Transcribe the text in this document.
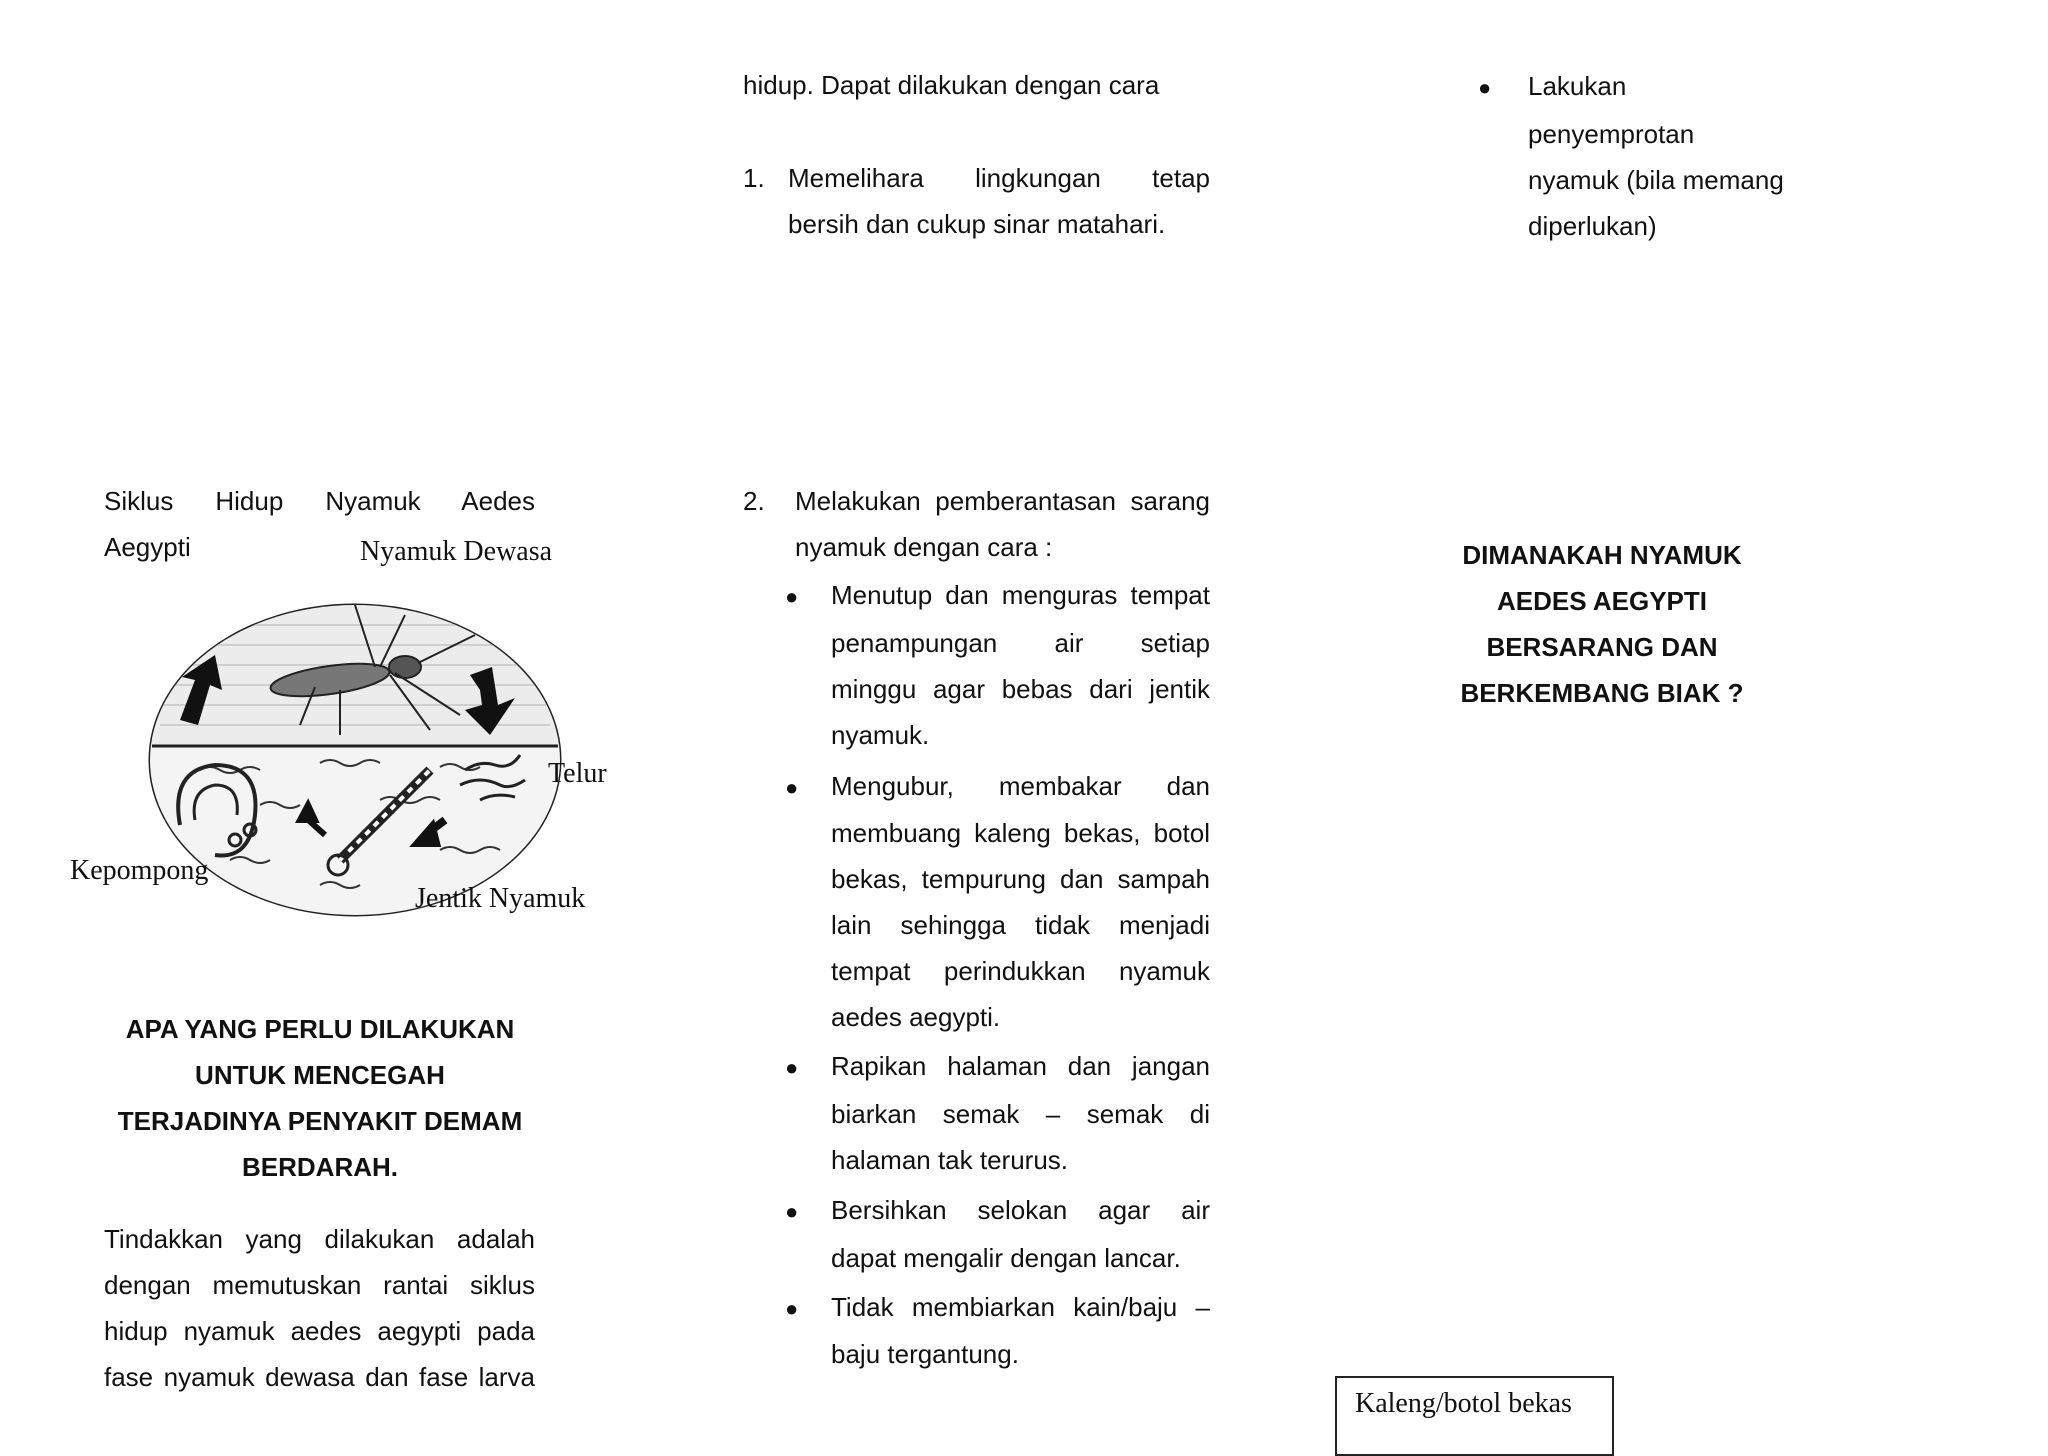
hidup. Dapat dilakukan dengan cara
1. Memelihara lingkungan tetap
bersih dan cukup sinar matahari.
2. Melakukan pemberantasan sarang
nyamuk dengan cara :
● Menutup dan menguras tempat
penampungan air setiap
minggu agar bebas dari jentik
nyamuk.
● Mengubur, membakar dan
membuang kaleng bekas, botol
bekas, tempurung dan sampah
lain sehingga tidak menjadi
tempat perindukkan nyamuk
aedes aegypti.
● Rapikan halaman dan jangan
biarkan semak – semak di
halaman tak terurus.
● Bersihkan selokan agar air
dapat mengalir dengan lancar.
● Tidak membiarkan kain/baju –
baju tergantung.
Siklus Hidup Nyamuk Aedes
Aegypti	Nyamuk Dewasa
Telur
Kepompong
Jentik Nyamuk
APA YANG PERLU DILAKUKAN
UNTUK MENCEGAH
TERJADINYA PENYAKIT DEMAM
BERDARAH.
Tindakkan yang dilakukan adalah
dengan memutuskan rantai siklus
hidup nyamuk aedes aegypti pada
fase nyamuk dewasa dan fase larva
● Lakukan
penyemprotan
nyamuk (bila memang
diperlukan)
DIMANAKAH NYAMUK
AEDES AEGYPTI
BERSARANG DAN
BERKEMBANG BIAK ?
Kaleng/botol bekas
